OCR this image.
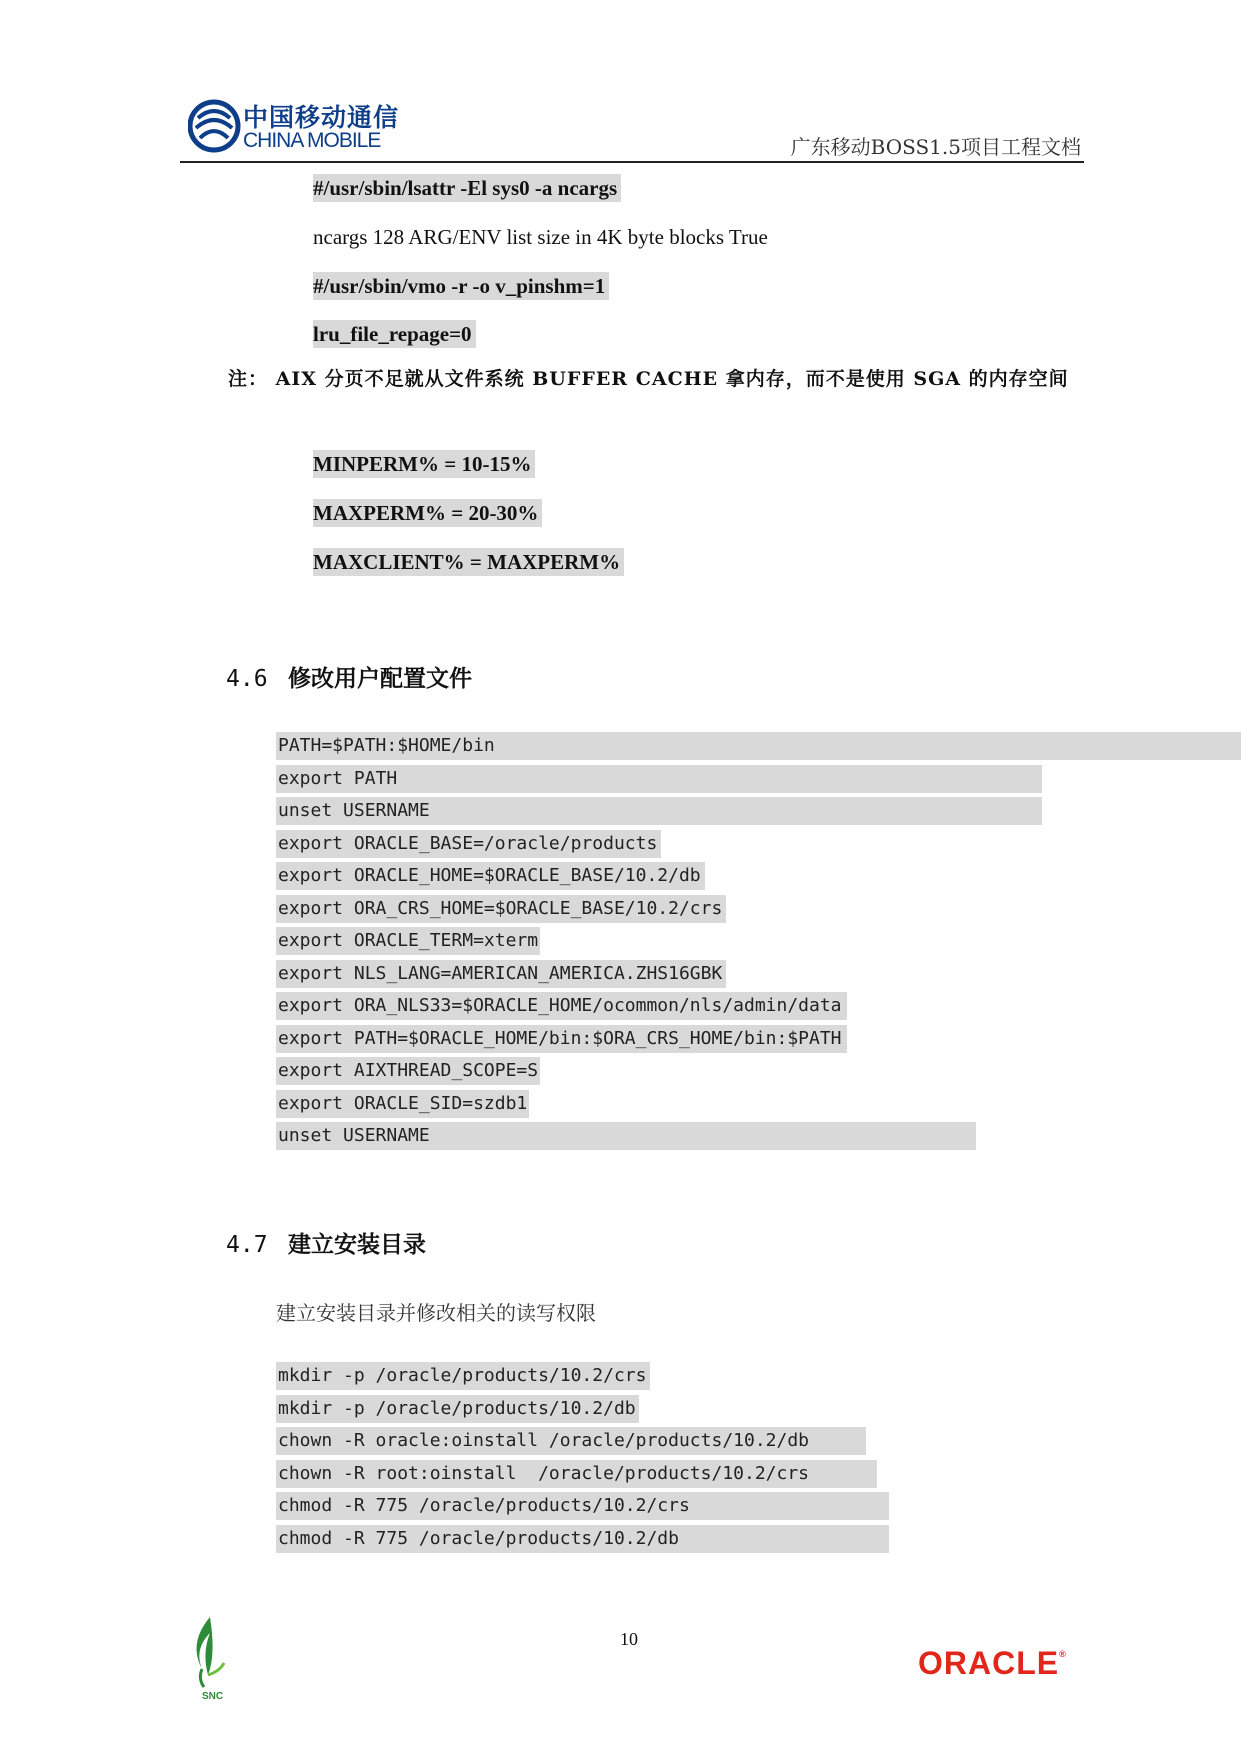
中国移动通信
CHINA MOBILE	广东移动BOSS1.5项目工程文档
#/usr/sbin/lsattr -El sys0 -a ncargs
ncargs 128 ARG/ENV list size in 4K byte blocks True
#/usr/sbin/vmo -r -o v_pinshm=1
lru_file_repage=0
注： AIX 分页不足就从文件系统 BUFFER CACHE 拿内存，而不是使用 SGA 的内存空间
MINPERM% = 10-15%
MAXPERM% = 20-30%
MAXCLIENT% = MAXPERM%
4.6 修改用户配置文件
PATH=$PATH:$HOME/bin
export PATH
unset USERNAME
export ORACLE_BASE=/oracle/products
export ORACLE_HOME=$ORACLE_BASE/10.2/db
export ORA_CRS_HOME=$ORACLE_BASE/10.2/crs
export ORACLE_TERM=xterm
export NLS_LANG=AMERICAN_AMERICA.ZHS16GBK
export ORA_NLS33=$ORACLE_HOME/ocommon/nls/admin/data
export PATH=$ORACLE_HOME/bin:$ORA_CRS_HOME/bin:$PATH
export AIXTHREAD_SCOPE=S
export ORACLE_SID=szdb1
unset USERNAME
4.7 建立安装目录
建立安装目录并修改相关的读写权限
mkdir -p /oracle/products/10.2/crs
mkdir -p /oracle/products/10.2/db
chown -R oracle:oinstall /oracle/products/10.2/db
chown -R root:oinstall  /oracle/products/10.2/crs
chmod -R 775 /oracle/products/10.2/crs
chmod -R 775 /oracle/products/10.2/db
SNC
10
ORACLE®
